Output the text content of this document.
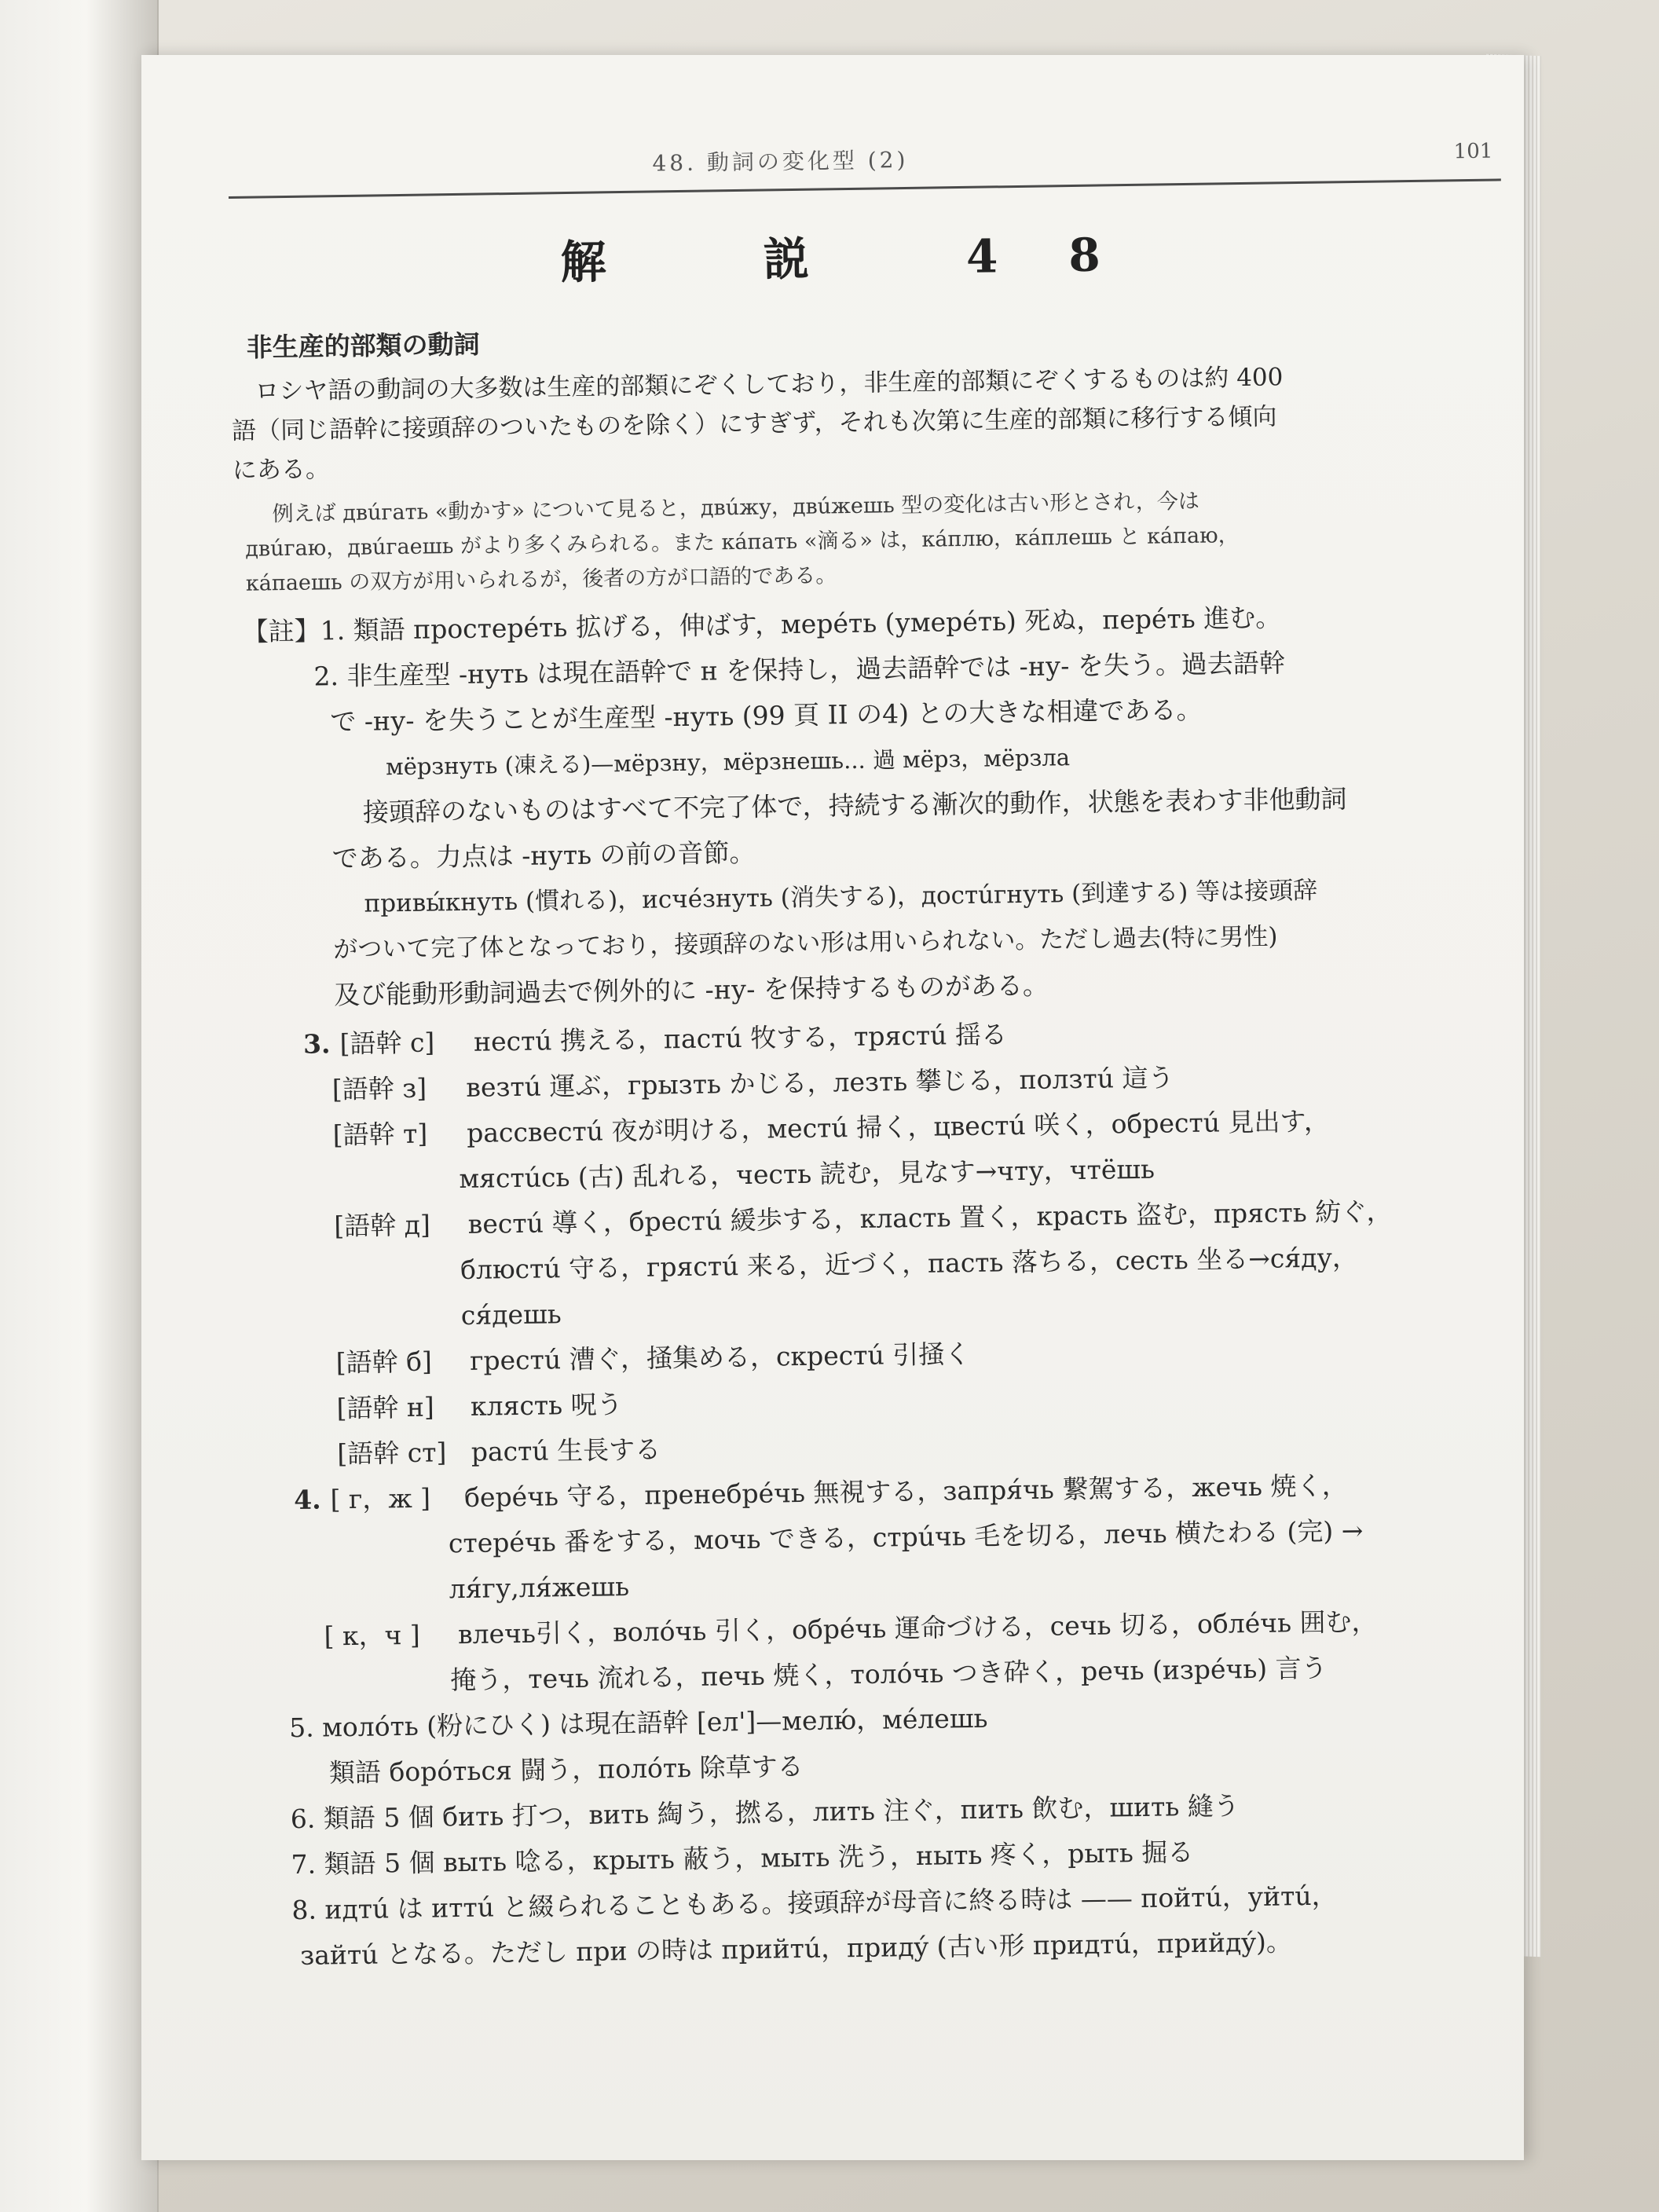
48. 動詞の変化型 (2)	101
解 説 48
非生産的部類の動詞

ロシヤ語の動詞の大多数は生産的部類にぞくしており，非生産的部類にぞくするものは約 400

語（同じ語幹に接頭辞のついたものを除く）にすぎず，それも次第に生産的部類に移行する傾向

にある。

例えば двúгать «動かす» について見ると，двúжу，двúжешь 型の変化は古い形とされ，今は

двúгаю，двúгаешь がより多くみられる。また кáпать «滴る» は，кáплю，кáплешь と кáпаю，

кáпаешь の双方が用いられるが，後者の方が口語的である。

【註】1. 類語 простерéть 拡げる，伸ばす，мерéть (умерéть) 死ぬ，перéть 進む。
2. 非生産型 -нуть は現在語幹で н を保持し，過去語幹では -ну- を失う。過去語幹
で -ну- を失うことが生産型 -нуть (99 頁 II の4) との大きな相違である。
мёрзнуть (凍える)—мёрзну，мёрзнешь... 過 мёрз，мёрзла
接頭辞のないものはすべて不完了体で，持続する漸次的動作，状態を表わす非他動詞
である。力点は -нуть の前の音節。
привы́кнуть (慣れる)，исчéзнуть (消失する)，достúгнуть (到達する) 等は接頭辞
がついて完了体となっており，接頭辞のない形は用いられない。ただし過去(特に男性)
及び能動形動詞過去で例外的に -ну- を保持するものがある。
3. [語幹 с] нестú 携える，пастú 牧する，трястú 揺る
[語幹 з] везтú 運ぶ，грызть かじる，лезть 攀じる，ползтú 這う
[語幹 т] рассвестú 夜が明ける，местú 掃く，цвестú 咲く，обрестú 見出す，
мястúсь (古) 乱れる，честь 読む，見なす→чту，чтёшь
[語幹 д] вестú 導く，брестú 緩歩する，класть 置く，красть 盗む，прясть 紡ぐ，
блюстú 守る，грястú 来る，近づく，пасть 落ちる，сесть 坐る→ся́ду，
ся́дешь
[語幹 б] грестú 漕ぐ，掻集める，скрестú 引掻く
[語幹 н] клясть 呪う
[語幹 ст] растú 生長する
4. [ г，ж ] берéчь 守る，пренебрéчь 無視する，запря́чь 繋駕する，жечь 焼く，
стерéчь 番をする，мочь できる，стрúчь 毛を切る，лечь 横たわる (完) →
ля́гу,ля́жешь
[ к，ч ] влечь引く，волóчь 引く，обрéчь 運命づける，сечь 切る，облéчь 囲む，
掩う，течь 流れる，печь 焼く，толóчь つき砕く，речь (изрéчь) 言う
5. молóть (粉にひく) は現在語幹 [ел']—мелю́，мéлешь
類語 борóться 闘う，полóть 除草する
6. 類語 5 個 бить 打つ，вить 綯う，撚る，лить 注ぐ，пить 飲む，шить 縫う
7. 類語 5 個 выть 唸る，крыть 蔽う，мыть 洗う，ныть 疼く，рыть 掘る
8. идтú は иттú と綴られることもある。接頭辞が母音に終る時は —— пойтú，уйтú，
зайтú となる。ただし при の時は прийтú，придý (古い形 придтú，прийдý)。
